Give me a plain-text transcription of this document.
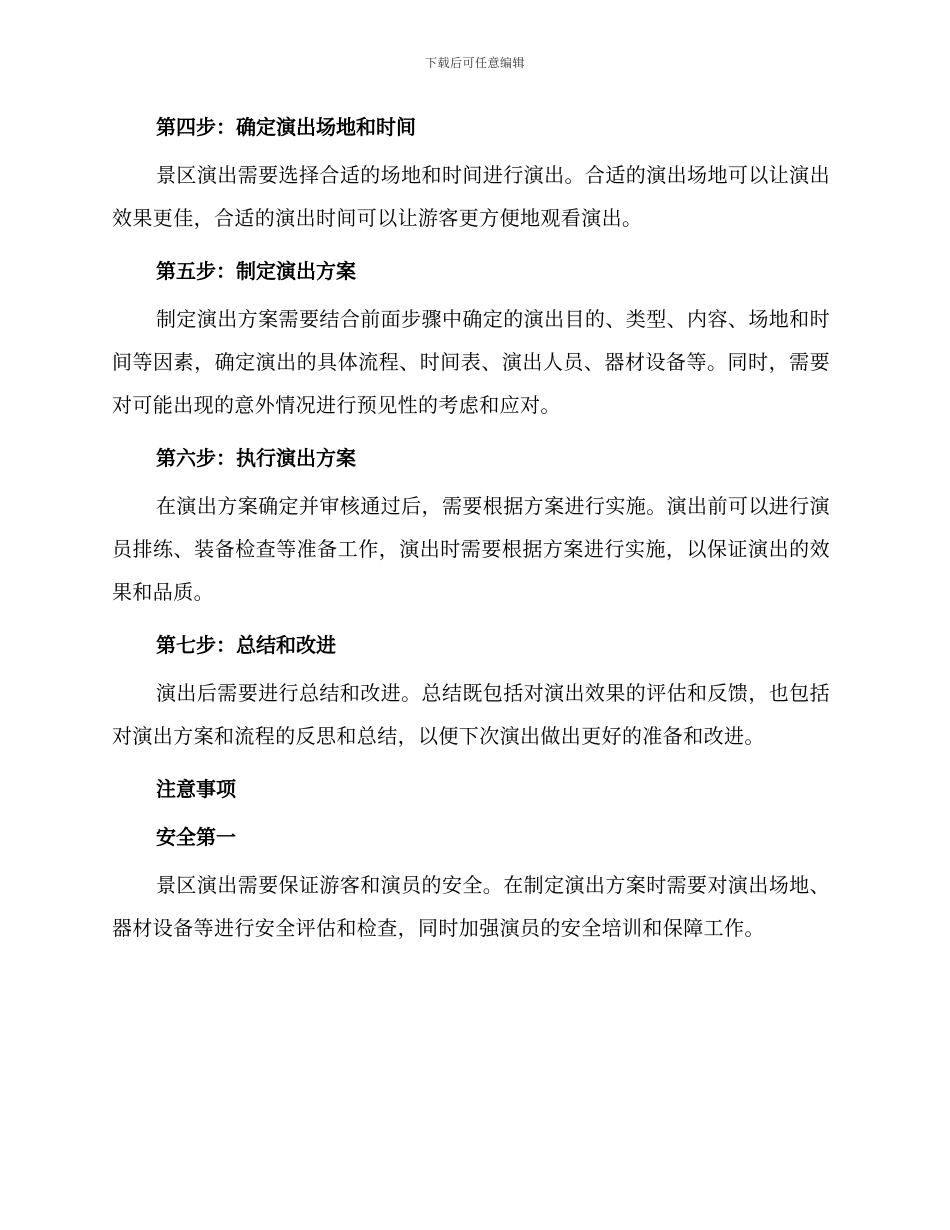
下载后可任意编辑
第四步：确定演出场地和时间

景区演出需要选择合适的场地和时间进行演出。合适的演出场地可以让演出效果更佳，合适的演出时间可以让游客更方便地观看演出。

第五步：制定演出方案

制定演出方案需要结合前面步骤中确定的演出目的、类型、内容、场地和时间等因素，确定演出的具体流程、时间表、演出人员、器材设备等。同时，需要对可能出现的意外情况进行预见性的考虑和应对。

第六步：执行演出方案

在演出方案确定并审核通过后，需要根据方案进行实施。演出前可以进行演员排练、装备检查等准备工作，演出时需要根据方案进行实施，以保证演出的效果和品质。

第七步：总结和改进

演出后需要进行总结和改进。总结既包括对演出效果的评估和反馈，也包括对演出方案和流程的反思和总结，以便下次演出做出更好的准备和改进。

注意事项
安全第一

景区演出需要保证游客和演员的安全。在制定演出方案时需要对演出场地、器材设备等进行安全评估和检查，同时加强演员的安全培训和保障工作。
